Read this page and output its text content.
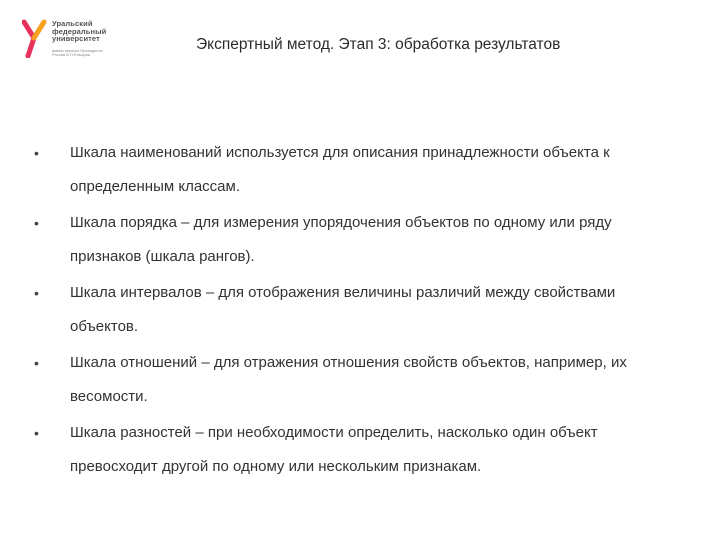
Уральский
федеральный
университет
имени первого Президента
России Б.Н.Ельцина
Экспертный метод. Этап 3: обработка результатов
• Шкала наименований используется для описания принадлежности объекта к определенным классам.
• Шкала порядка – для измерения упорядочения объектов по одному или ряду признаков (шкала рангов).
• Шкала интервалов – для отображения величины различий между свойствами объектов.
• Шкала отношений – для отражения отношения свойств объектов, например, их весомости.
• Шкала разностей – при необходимости определить, насколько один объект превосходит другой по одному или нескольким признакам.
